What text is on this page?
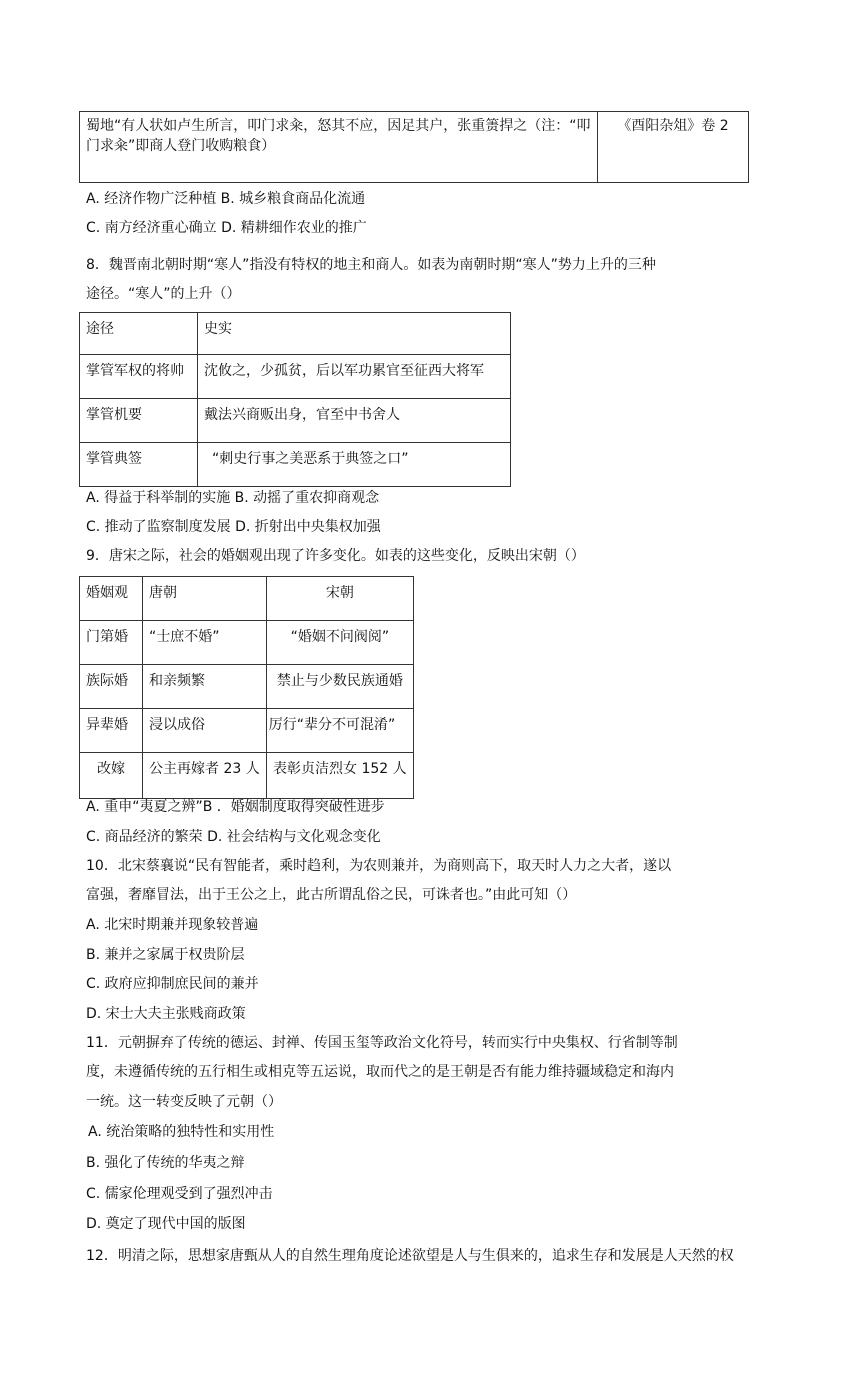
蜀地“有人状如卢生所言，叩门求籴，怒其不应，因足其户，张重箦捍之（注：“叩门求籴”即商人登门收购粮食）	《酉阳杂俎》卷 2
A. 经济作物广泛种植 B. 城乡粮食商品化流通
C. 南方经济重心确立 D. 精耕细作农业的推广
8．魏晋南北朝时期“寒人”指没有特权的地主和商人。如表为南朝时期“寒人”势力上升的三种
途径。“寒人”的上升（）
途径	史实
掌管军权的将帅	沈攸之，少孤贫，后以军功累官至征西大将军
掌管机要	戴法兴商贩出身，官至中书舍人
掌管典签	“刺史行事之美恶系于典签之口”
A. 得益于科举制的实施 B. 动摇了重农抑商观念
C. 推动了监察制度发展 D. 折射出中央集权加强
9．唐宋之际，社会的婚姻观出现了许多变化。如表的这些变化，反映出宋朝（）
婚姻观	唐朝	宋朝
门第婚	“士庶不婚”	“婚姻不问阀阅”
族际婚	和亲频繁	禁止与少数民族通婚
异辈婚	浸以成俗	厉行“辈分不可混淆”
改嫁	公主再嫁者 23 人	表彰贞洁烈女 152 人
A. 重申“夷夏之辨”B ．婚姻制度取得突破性进步
C. 商品经济的繁荣 D. 社会结构与文化观念变化
10．北宋蔡襄说“民有智能者，乘时趋利，为农则兼并，为商则高下，取天时人力之大者，遂以
富强，奢靡冒法，出于王公之上，此古所谓乱俗之民，可诛者也。”由此可知（）
A. 北宋时期兼并现象较普遍
B. 兼并之家属于权贵阶层
C. 政府应抑制庶民间的兼并
D. 宋士大夫主张贱商政策
11．元朝摒弃了传统的德运、封禅、传国玉玺等政治文化符号，转而实行中央集权、行省制等制
度，未遵循传统的五行相生或相克等五运说，取而代之的是王朝是否有能力维持疆域稳定和海内
一统。这一转变反映了元朝（）
A. 统治策略的独特性和实用性
B. 强化了传统的华夷之辩
C. 儒家伦理观受到了强烈冲击
D. 奠定了现代中国的版图
12．明清之际，思想家唐甄从人的自然生理角度论述欲望是人与生俱来的，追求生存和发展是人天然的权
